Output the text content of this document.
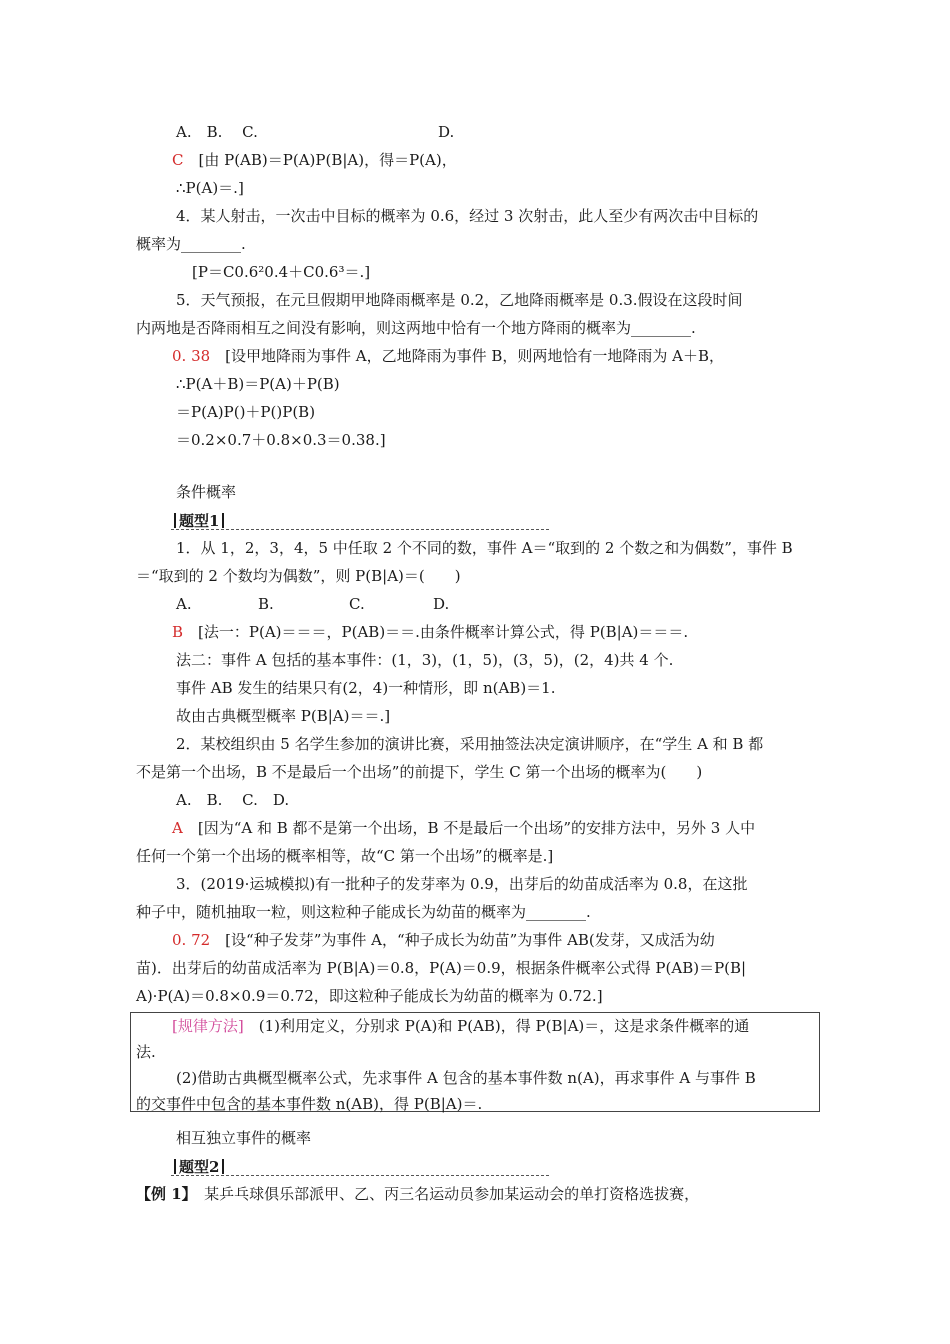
A.　B.　 C.	D.
C　[由 P(AB)＝P(A)P(B|A)，得＝P(A)，
∴P(A)＝.]
4．某人射击，一次击中目标的概率为 0.6，经过 3 次射击，此人至少有两次击中目标的
概率为________.
[P＝C0.6²0.4＋C0.6³＝.]
5．天气预报，在元旦假期甲地降雨概率是 0.2，乙地降雨概率是 0.3.假设在这段时间
内两地是否降雨相互之间没有影响，则这两地中恰有一个地方降雨的概率为________.
0. 38　[设甲地降雨为事件 A，乙地降雨为事件 B，则两地恰有一地降雨为 A＋B，
∴P(A＋B)＝P(A)＋P(B)
＝P(A)P()＋P()P(B)
＝0.2×0.7＋0.8×0.3＝0.38.]
条件概率
题型1
1．从 1，2，3，4，5 中任取 2 个不同的数，事件 A＝“取到的 2 个数之和为偶数”，事件 B
＝“取到的 2 个数均为偶数”，则 P(B|A)＝(　　)
A.	B.	C.	D.
B　[法一：P(A)＝＝＝，P(AB)＝＝.由条件概率计算公式，得 P(B|A)＝＝＝.
法二：事件 A 包括的基本事件：(1，3)，(1，5)，(3，5)，(2，4)共 4 个.
事件 AB 发生的结果只有(2，4)一种情形，即 n(AB)＝1.
故由古典概型概率 P(B|A)＝＝.]
2．某校组织由 5 名学生参加的演讲比赛，采用抽签法决定演讲顺序，在“学生 A 和 B 都
不是第一个出场，B 不是最后一个出场”的前提下，学生 C 第一个出场的概率为(　　)
A.　B.　 C.　D.
A　[因为“A 和 B 都不是第一个出场，B 不是最后一个出场”的安排方法中，另外 3 人中
任何一个第一个出场的概率相等，故“C 第一个出场”的概率是.]
3．(2019·运城模拟)有一批种子的发芽率为 0.9，出芽后的幼苗成活率为 0.8，在这批
种子中，随机抽取一粒，则这粒种子能成长为幼苗的概率为________.
0. 72　[设“种子发芽”为事件 A，“种子成长为幼苗”为事件 AB(发芽，又成活为幼
苗)．出芽后的幼苗成活率为 P(B|A)＝0.8，P(A)＝0.9，根据条件概率公式得 P(AB)＝P(B|
A)·P(A)＝0.8×0.9＝0.72，即这粒种子能成长为幼苗的概率为 0.72.]
[规律方法]　(1)利用定义，分别求 P(A)和 P(AB)，得 P(B|A)＝，这是求条件概率的通
法.
(2)借助古典概型概率公式，先求事件 A 包含的基本事件数 n(A)，再求事件 A 与事件 B
的交事件中包含的基本事件数 n(AB)，得 P(B|A)＝.
相互独立事件的概率
题型2
【例 1】　某乒乓球俱乐部派甲、乙、丙三名运动员参加某运动会的单打资格选拔赛，
